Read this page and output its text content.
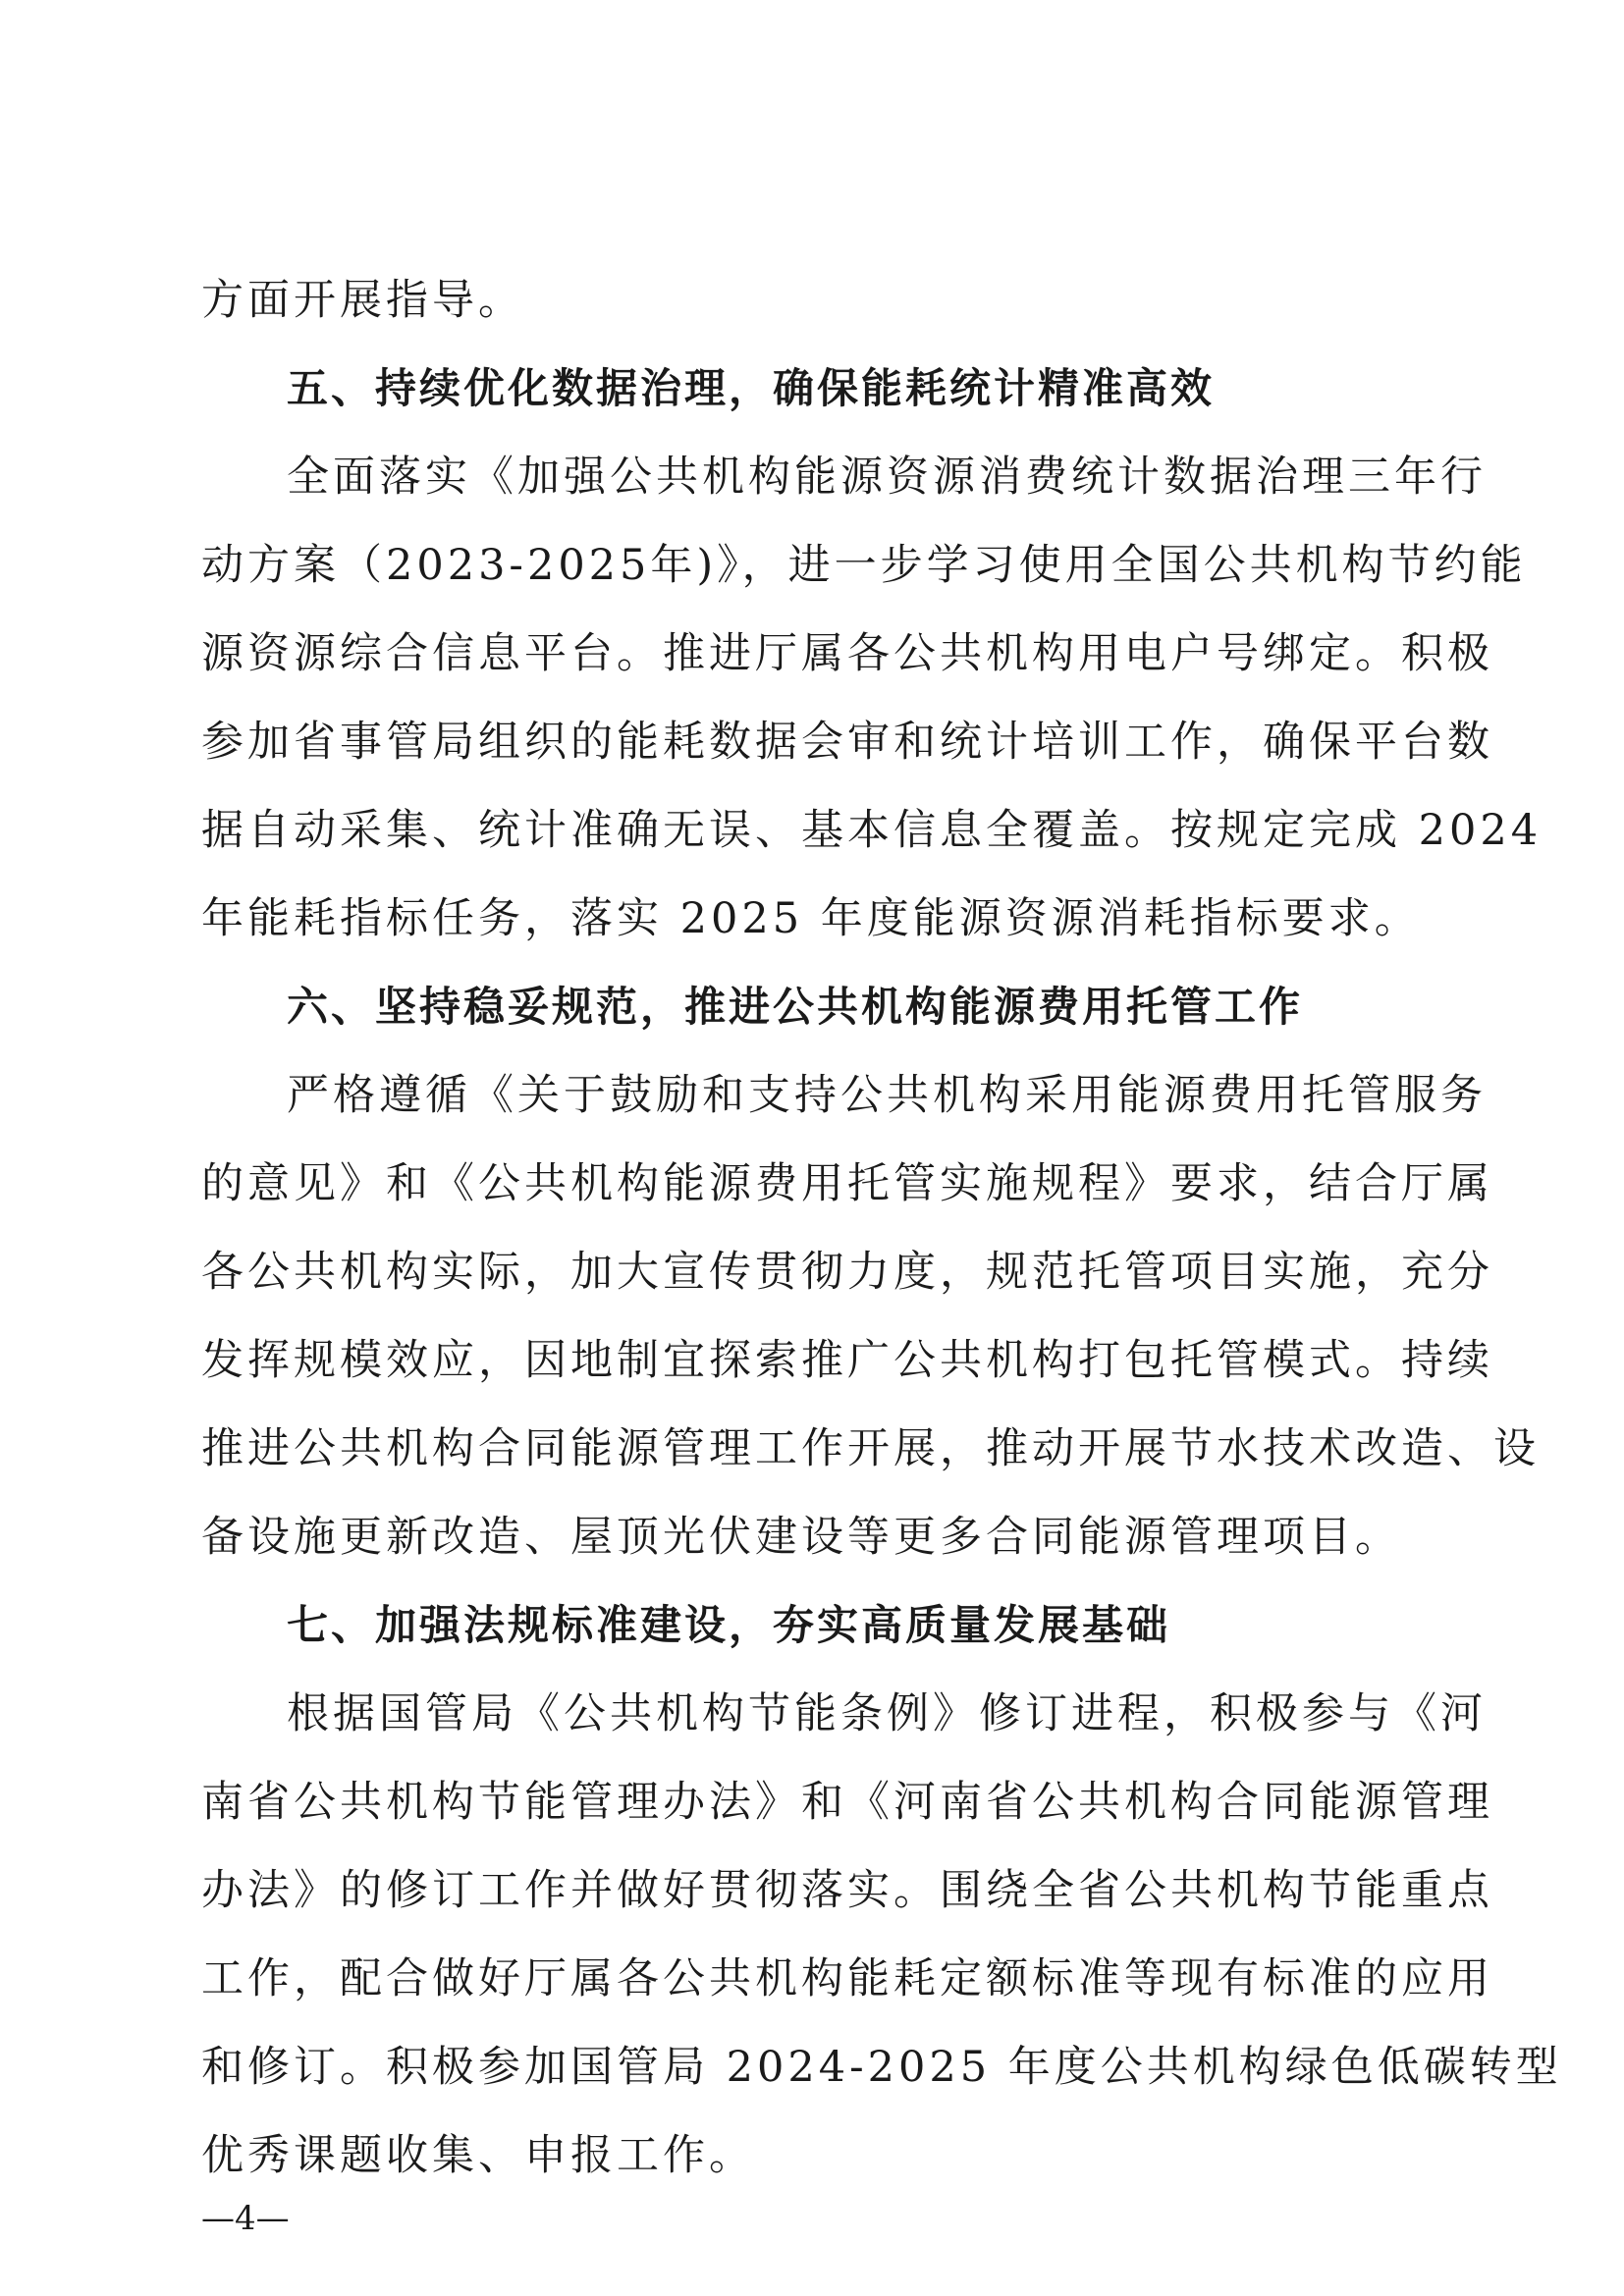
方面开展指导。
五、持续优化数据治理，确保能耗统计精准高效
全面落实《加强公共机构能源资源消费统计数据治理三年行
动方案（2023-2025年)》，进一步学习使用全国公共机构节约能
源资源综合信息平台。推进厅属各公共机构用电户号绑定。积极
参加省事管局组织的能耗数据会审和统计培训工作，确保平台数
据自动采集、统计准确无误、基本信息全覆盖。按规定完成 2024
年能耗指标任务，落实 2025 年度能源资源消耗指标要求。
六、坚持稳妥规范，推进公共机构能源费用托管工作
严格遵循《关于鼓励和支持公共机构采用能源费用托管服务
的意见》和《公共机构能源费用托管实施规程》要求，结合厅属
各公共机构实际，加大宣传贯彻力度，规范托管项目实施，充分
发挥规模效应，因地制宜探索推广公共机构打包托管模式。持续
推进公共机构合同能源管理工作开展，推动开展节水技术改造、设
备设施更新改造、屋顶光伏建设等更多合同能源管理项目。
七、加强法规标准建设，夯实高质量发展基础
根据国管局《公共机构节能条例》修订进程，积极参与《河
南省公共机构节能管理办法》和《河南省公共机构合同能源管理
办法》的修订工作并做好贯彻落实。围绕全省公共机构节能重点
工作，配合做好厅属各公共机构能耗定额标准等现有标准的应用
和修订。积极参加国管局 2024-2025 年度公共机构绿色低碳转型
优秀课题收集、申报工作。
—4—
